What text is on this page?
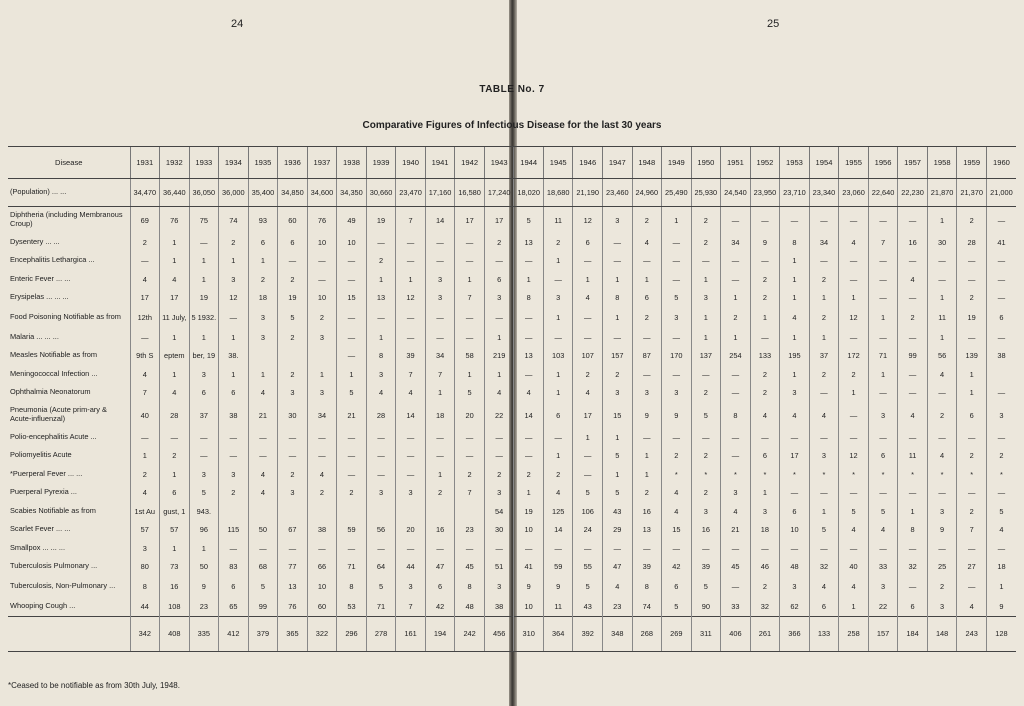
24	25
TABLE No. 7
Comparative Figures of Infectious Disease for the last 30 years
Disease	1931	1932	1933	1934	1935	1936	1937	1938	1939	1940	1941	1942	1943	1944	1945	1946	1947	1948	1949	1950	1951	1952	1953	1954	1955	1956	1957	1958	1959	1960
(Population) ... ...	34,470	36,440	36,050	36,000	35,400	34,850	34,600	34,350	30,660	23,470	17,160	16,580	17,240	18,020	18,680	21,190	23,460	24,960	25,490	25,930	24,540	23,950	23,710	23,340	23,060	22,640	22,230	21,870	21,370	21,000
Diphtheria (including Membranous Croup)	69	76	75	74	93	60	76	49	19	7	14	17	17	5	11	12	3	2	1	2	—	—	—	—	—	—	—	1	2	—
Dysentery ... ...	2	1	—	2	6	6	10	10	—	—	—	—	2	13	2	6	—	4	—	2	34	9	8	34	4	7	16	30	28	41
Encephalitis Lethargica ...	—	1	1	1	1	—	—	—	2	—	—	—	—	—	1	—	—	—	—	—	—	—	1	—	—	—	—	—	—	—
Enteric Fever ... ...	4	4	1	3	2	2	—	—	1	1	3	1	6	1	—	1	1	1	—	1	—	2	1	2	—	—	4	—	—	—
Erysipelas ... ... ...	17	17	19	12	18	19	10	15	13	12	3	7	3	8	3	4	8	6	5	3	1	2	1	1	1	—	—	1	2	—
Food Poisoning Notifiable as from	12th	11 July,	5 1932.	—	3	5	2	—	—	—	—	—	—	—	1	—	1	2	3	1	2	1	4	2	12	1	2	11	19	6
Malaria ... ... ...	—	1	1	1	3	2	3	—	1	—	—	—	1	—	—	—	—	—	—	1	1	—	1	1	—	—	—	1	—	—
Measles Notifiable as from	9th S	eptem	ber, 19	38.				—	8	39	34	58	219	13	103	107	157	87	170	137	254	133	195	37	172	71	99	56	139	38
Meningococcal Infection ...	4	1	3	1	1	2	1	1	3	7	7	1	1	—	1	2	2	—	—	—	—	2	1	2	2	1	—	4	1	
Ophthalmia Neonatorum	7	4	6	6	4	3	3	5	4	4	1	5	4	4	1	4	3	3	3	2	—	2	3	—	1	—	—	—	1	—
Pneumonia (Acute prim-ary & Acute-influenzal)	40	28	37	38	21	30	34	21	28	14	18	20	22	14	6	17	15	9	9	5	8	4	4	4	—	3	4	2	6	3
Polio-encephalitis Acute ...	—	—	—	—	—	—	—	—	—	—	—	—	—	—	—	1	1	—	—	—	—	—	—	—	—	—	—	—	—	—
Poliomyelitis Acute	1	2	—	—	—	—	—	—	—	—	—	—	—	—	1	—	5	1	2	2	—	6	17	3	12	6	11	4	2	2
*Puerperal Fever ... ...	2	1	3	3	4	2	4	—	—	—	1	2	2	2	2	—	1	1	*	*	*	*	*	*	*	*	*	*	*	*
Puerperal Pyrexia ...	4	6	5	2	4	3	2	2	3	3	2	7	3	1	4	5	5	2	4	2	3	1	—	—	—	—	—	—	—	—
Scabies Notifiable as from	1st Au	gust, 1	943.										54	19	125	106	43	16	4	3	4	3	6	1	5	5	1	3	2	5
Scarlet Fever ... ...	57	57	96	115	50	67	38	59	56	20	16	23	30	10	14	24	29	13	15	16	21	18	10	5	4	4	8	9	7	4
Smallpox ... ... ...	3	1	1	—	—	—	—	—	—	—	—	—	—	—	—	—	—	—	—	—	—	—	—	—	—	—	—	—	—	—
Tuberculosis Pulmonary ...	80	73	50	83	68	77	66	71	64	44	47	45	51	41	59	55	47	39	42	39	45	46	48	32	40	33	32	25	27	18
Tuberculosis, Non-Pulmonary ...	8	16	9	6	5	13	10	8	5	3	6	8	3	9	9	5	4	8	6	5	—	2	3	4	4	3	—	2	—	1
Whooping Cough ...	44	108	23	65	99	76	60	53	71	7	42	48	38	10	11	43	23	74	5	90	33	32	62	6	1	22	6	3	4	9
	342	408	335	412	379	365	322	296	278	161	194	242	456	310	364	392	348	268	269	311	406	261	366	133	258	157	184	148	243	128
*Ceased to be notifiable as from 30th July, 1948.
